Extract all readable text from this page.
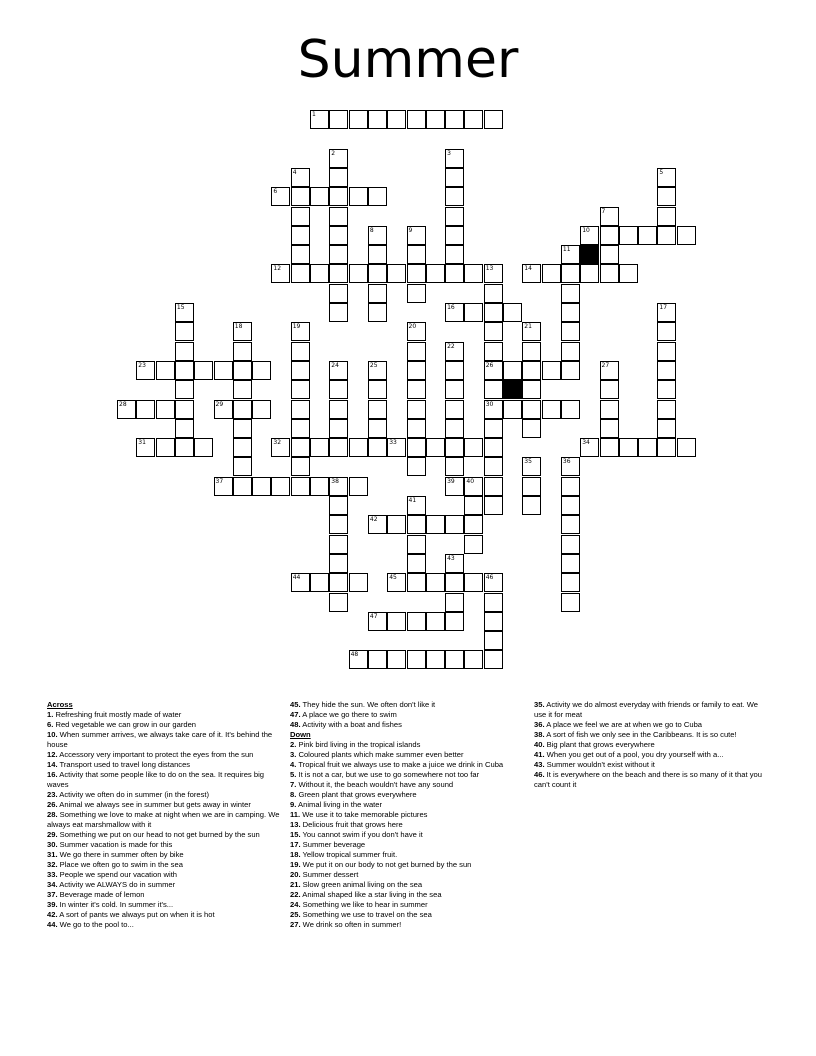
Summer
1
2	3
4	5
6
7
8	9	10
11
12	13
26
30
14
15	16	17
18	19	20	21
22
39
23	24	25	27
28	29
31	32	33	34
35	36
37	38	40
41
42
43
44	45	46
47
48
Across
1. Refreshing fruit mostly made of water
6. Red vegetable we can grow in our garden
10. When summer arrives, we always take care of it. It's behind the house
12. Accessory very important to protect the eyes from the sun
14. Transport used to travel long distances
16. Activity that some people like to do on the sea. It requires big waves
23. Activity we often do in summer (in the forest)
26. Animal we always see in summer but gets away in winter
28. Something we love to make at night when we are in camping. We always eat marshmallow with it
29. Something we put on our head to not get burned by the sun
30. Summer vacation is made for this
31. We go there in summer often by bike
32. Place we often go to swim in the sea
33. People we spend our vacation with
34. Activity we ALWAYS do in summer
37. Beverage made of lemon
39. In winter it's cold. In summer it's...
42. A sort of pants we always put on when it is hot
44. We go to the pool to...
45. They hide the sun. We often don't like it
47. A place we go there to swim
48. Activity with a boat and fishes
Down
2. Pink bird living in the tropical islands
3. Coloured plants which make summer even better
4. Tropical fruit we always use to make a juice we drink in Cuba
5. It is not a car, but we use to go somewhere not too far
7. Without it, the beach wouldn't have any sound
8. Green plant that grows everywhere
9. Animal living in the water
11. We use it to take memorable pictures
13. Delicious fruit that grows here
15. You cannot swim if you don't have it
17. Summer beverage
18. Yellow tropical summer fruit.
19. We put it on our body to not get burned by the sun
20. Summer dessert
21. Slow green animal living on the sea
22. Animal shaped like a star living in the sea
24. Something we like to hear in summer
25. Something we use to travel on the sea
27. We drink so often in summer!
35. Activity we do almost everyday with friends or family to eat. We use it for meat
36. A place we feel we are at when we go to Cuba
38. A sort of fish we only see in the Caribbeans. It is so cute!
40. Big plant that grows everywhere
41. When you get out of a pool, you dry yourself with a...
43. Summer wouldn't exist without it
46. It is everywhere on the beach and there is so many of it that you can't count it
